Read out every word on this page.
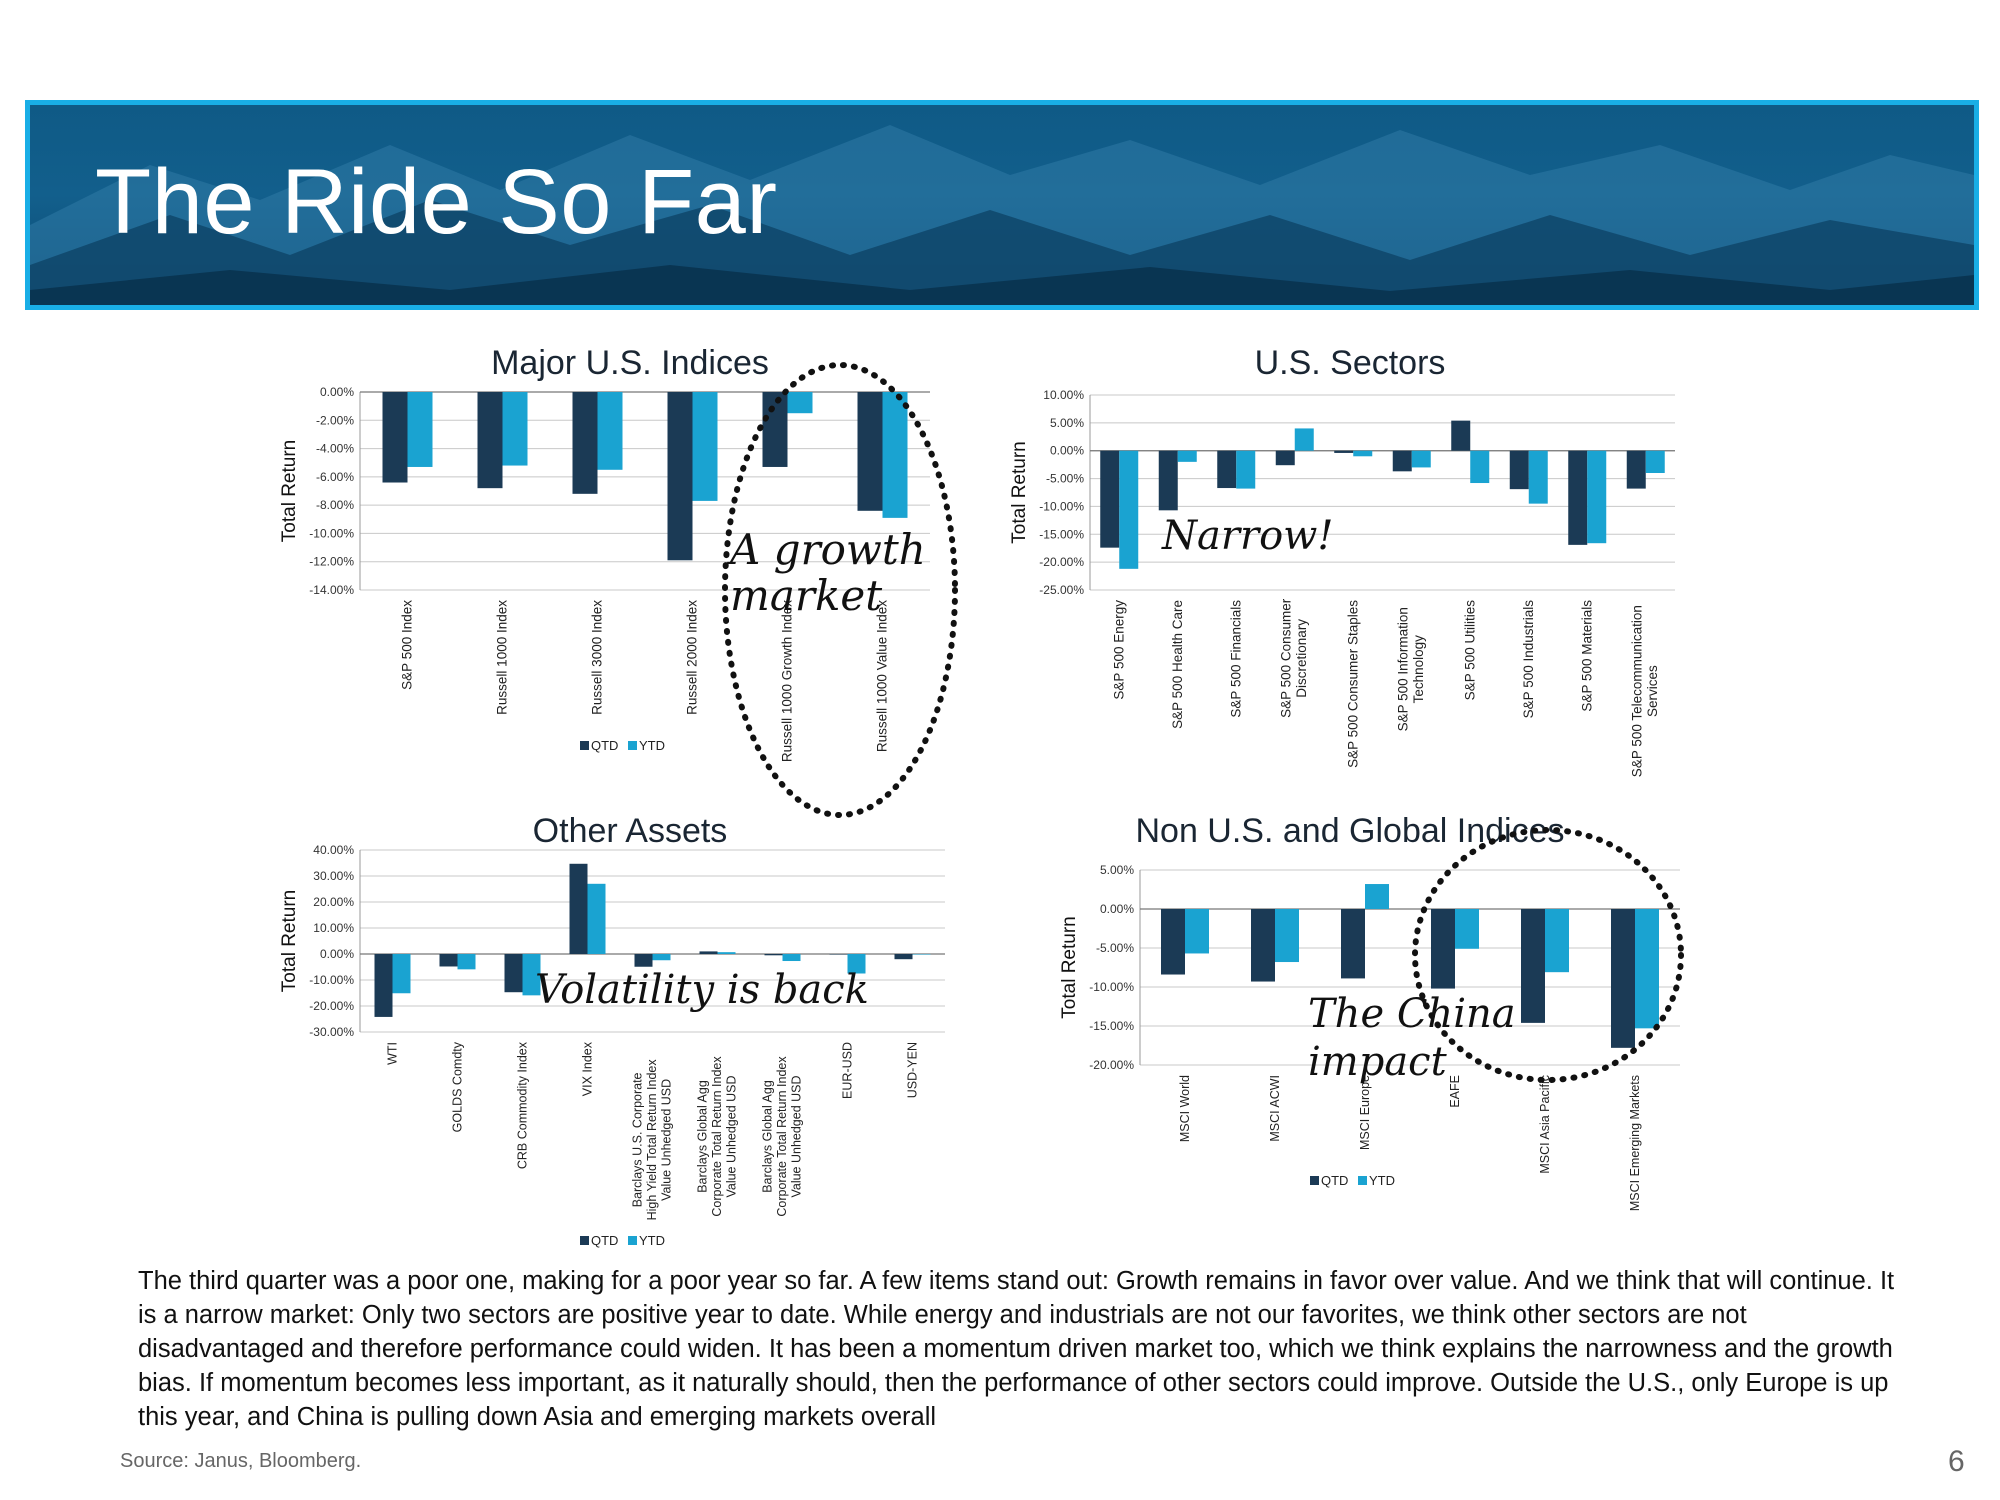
The Ride So Far
Major U.S. Indices
Total Return
0.00%
-2.00%
-4.00%
-6.00%
-8.00%
-10.00%
-12.00%
-14.00%
S&P 500 Index	Russell 1000 Index	Russell 3000 Index	Russell 2000 Index	Russell 1000 Growth Index	Russell 1000 Value Index
QTD YTD
U.S. Sectors
Total Return
10.00%
5.00%
0.00%
-5.00%
-10.00%
-15.00%
-20.00%
-25.00%
S&P 500 Energy	S&P 500 Health Care	S&P 500 Financials	S&P 500 ConsumerDiscretionary	S&P 500 Consumer Staples	S&P 500 InformationTechnology	S&P 500 Utilities	S&P 500 Industrials	S&P 500 Materials	S&P 500 TelecommunicationServices
Other Assets
Total Return
40.00%
30.00%
20.00%
10.00%
0.00%
-10.00%
-20.00%
-30.00%
WTI	GOLDS Comdty	CRB Commodity Index	VIX Index
Barclays U.S. CorporateHigh Yield Total Return IndexValue Unhedged USD Barclays Global AggCorporate Total Return IndexValue Unhedged USD Barclays Global AggCorporate Total Return IndexValue Unhedged USD
EUR-USD	USD-YEN
QTD YTD
Non U.S. and Global Indices
Total Return
5.00%
0.00%
-5.00%
-10.00%
-15.00%
-20.00%
MSCI World	MSCI ACWI	MSCI Europe	EAFE	MSCI Asia Pacific	MSCI Emerging Markets
QTD YTD
A growth
market
Narrow!
Volatility is back
The China
impact
The third quarter was a poor one, making for a poor year so far. A few items stand out: Growth remains in favor over value. And we think that will continue. It is a narrow market: Only two sectors are positive year to date. While energy and industrials are not our favorites, we think other sectors are not disadvantaged and therefore performance could widen. It has been a momentum driven market too, which we think explains the narrowness and the growth bias. If momentum becomes less important, as it naturally should, then the performance of other sectors could improve. Outside the U.S., only Europe is up this year, and China is pulling down Asia and emerging markets overall
Source: Janus, Bloomberg.	6
